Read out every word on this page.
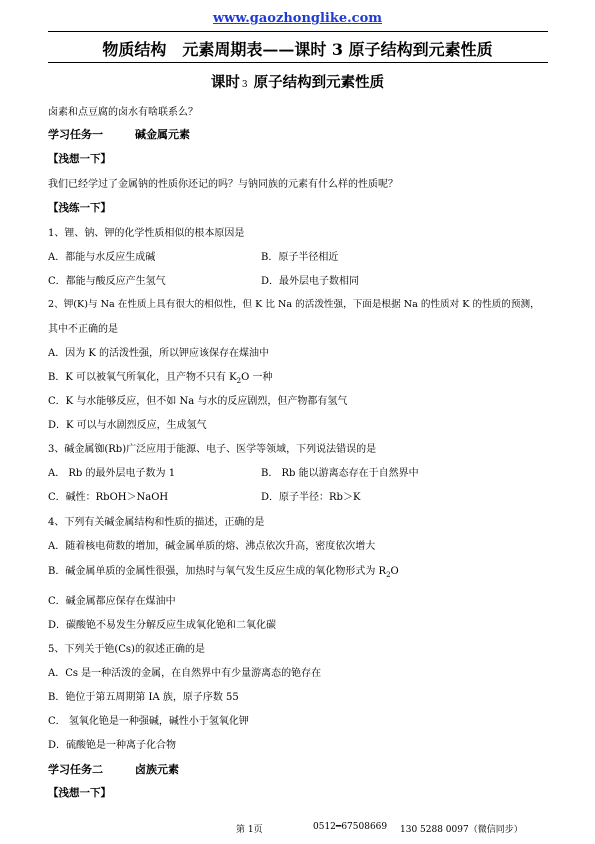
www.gaozhonglike.com
物质结构　元素周期表——课时 3 原子结构到元素性质
课时 3 原子结构到元素性质
卤素和点豆腐的卤水有啥联系么？
学习任务一	碱金属元素
【浅想一下】
我们已经学过了金属钠的性质你还记的吗？与钠同族的元素有什么样的性质呢？
【浅练一下】
1、锂、钠、钾的化学性质相似的根本原因是
A．都能与水反应生成碱	B．原子半径相近
C．都能与酸反应产生氢气	D．最外层电子数相同
2、钾(K)与 Na 在性质上具有很大的相似性，但 K 比 Na 的活泼性强，下面是根据 Na 的性质对 K 的性质的预测，
其中不正确的是
A．因为 K 的活泼性强，所以钾应该保存在煤油中
B．K 可以被氧气所氧化，且产物不只有 $K_2O$ 一种
C．K 与水能够反应，但不如 Na 与水的反应剧烈，但产物都有氢气
D．K 可以与水剧烈反应，生成氢气
3、碱金属铷(Rb)广泛应用于能源、电子、医学等领域，下列说法错误的是
A． Rb 的最外层电子数为 1	B． Rb 能以游离态存在于自然界中
C．碱性：RbOH＞NaOH	D．原子半径：Rb＞K
4、下列有关碱金属结构和性质的描述，正确的是
A．随着核电荷数的增加，碱金属单质的熔、沸点依次升高，密度依次增大
B．碱金属单质的金属性很强，加热时与氧气发生反应生成的氧化物形式为 $R_2O$
C．碱金属都应保存在煤油中
D．碳酸铯不易发生分解反应生成氧化铯和二氧化碳
5、下列关于铯(Cs)的叙述正确的是
A．Cs 是一种活泼的金属，在自然界中有少量游离态的铯存在
B．铯位于第五周期第 IA 族，原子序数 55
C． 氢氧化铯是一种强碱，碱性小于氢氧化钾
D．硫酸铯是一种离子化合物
学习任务二	卤族元素
【浅想一下】
第 1页	0512━67508669 130 5288 0097（微信同步）
